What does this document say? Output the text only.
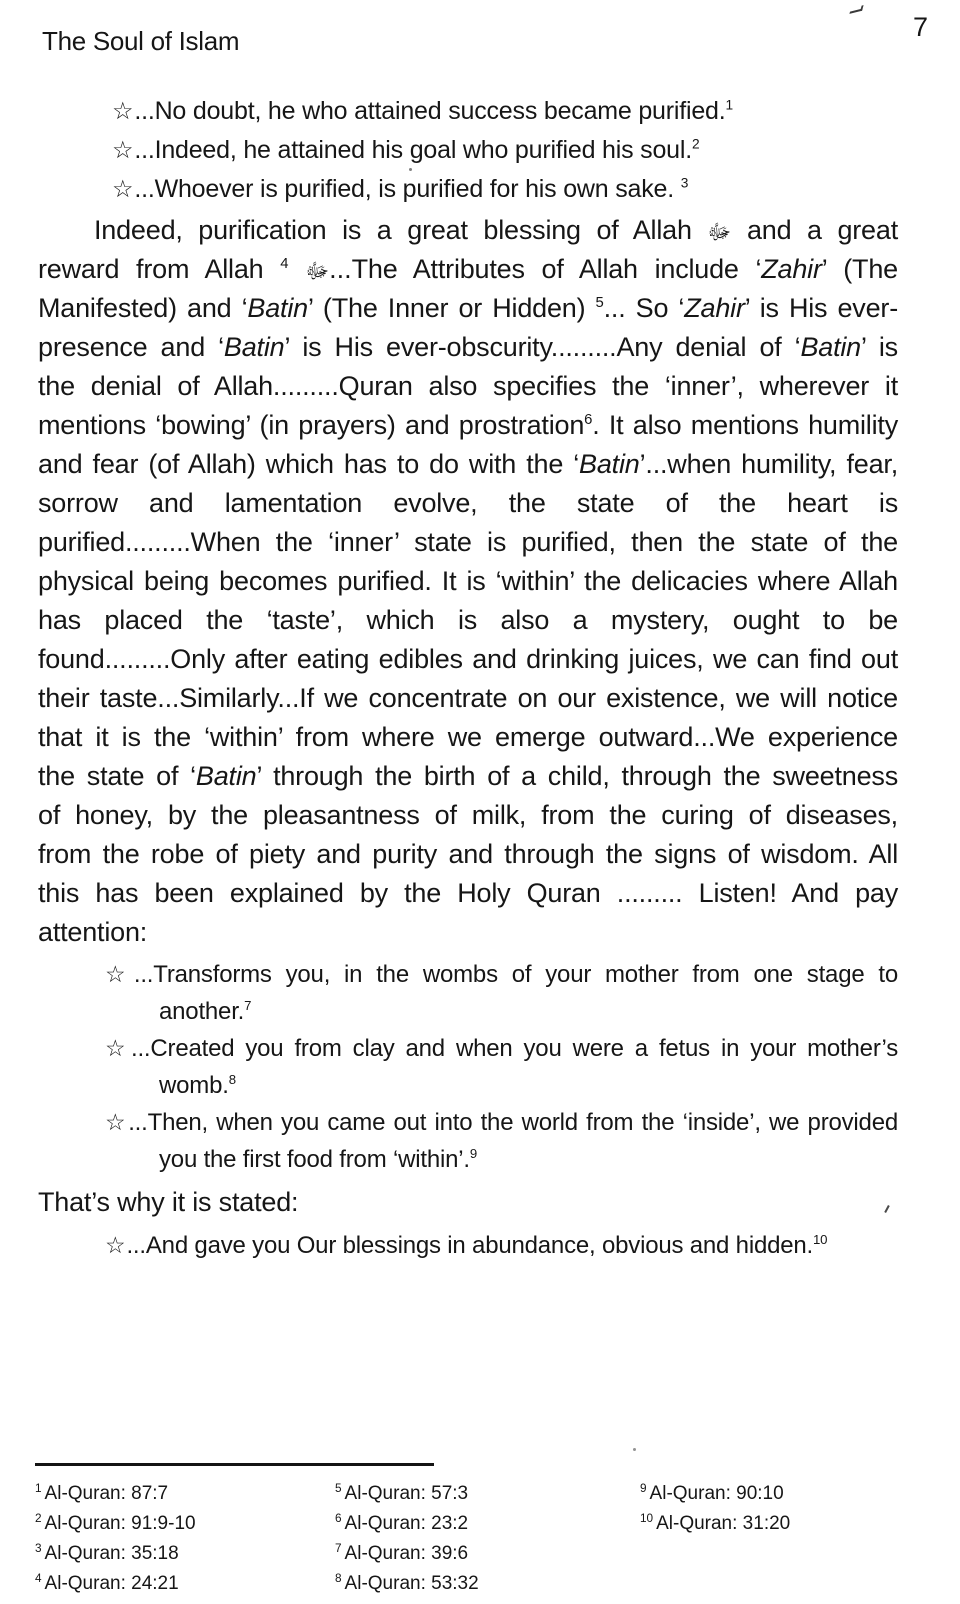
The Soul of Islam	7
☆...No doubt, he who attained success became purified.$^1$
☆...Indeed, he attained his goal who purified his soul.$^2$
☆...Whoever is purified, is purified for his own sake. $^3$

Indeed, purification is a great blessing of Allah ﷻ and a great reward from Allah ﷻ $^4$ ...The Attributes of Allah include ‘Zahir’ (The Manifested) and ‘Batin’ (The Inner or Hidden) $^5$... So ‘Zahir’ is His ever-presence and ‘Batin’ is His ever-obscurity.........Any denial of ‘Batin’ is the denial of Allah.........Quran also specifies the ‘inner’, wherever it mentions ‘bowing’ (in prayers) and prostration$^6$. It also mentions humility and fear (of Allah) which has to do with the ‘Batin’...when humility, fear, sorrow and lamentation evolve, the state of the heart is purified.........When the ‘inner’ state is purified, then the state of the physical being becomes purified. It is ‘within’ the delicacies where Allah has placed the ‘taste’, which is also a mystery, ought to be found.........Only after eating edibles and drinking juices, we can find out their taste...Similarly...If we concentrate on our existence, we will notice that it is the ‘within’ from where we emerge outward...We experience the state of ‘Batin’ through the birth of a child, through the sweetness of honey, by the pleasantness of milk, from the curing of diseases, from the robe of piety and purity and through the signs of wisdom. All this has been explained by the Holy Quran ......... Listen! And pay attention:

☆...Transforms you, in the wombs of your mother from one stage to another.$^7$
☆...Created you from clay and when you were a fetus in your mother’s womb.$^8$
☆...Then, when you came out into the world from the ‘inside’, we provided you the first food from ‘within’.$^9$

That’s why it is stated:

☆...And gave you Our blessings in abundance, obvious and hidden.$^{10}$
$^1$ Al-Quran: 87:7
$^2$ Al-Quran: 91:9-10
$^3$ Al-Quran: 35:18
$^4$ Al-Quran: 24:21
$^5$ Al-Quran: 57:3
$^6$ Al-Quran: 23:2
$^7$ Al-Quran: 39:6
$^8$ Al-Quran: 53:32
$^9$ Al-Quran: 90:10
$^{10}$ Al-Quran: 31:20
